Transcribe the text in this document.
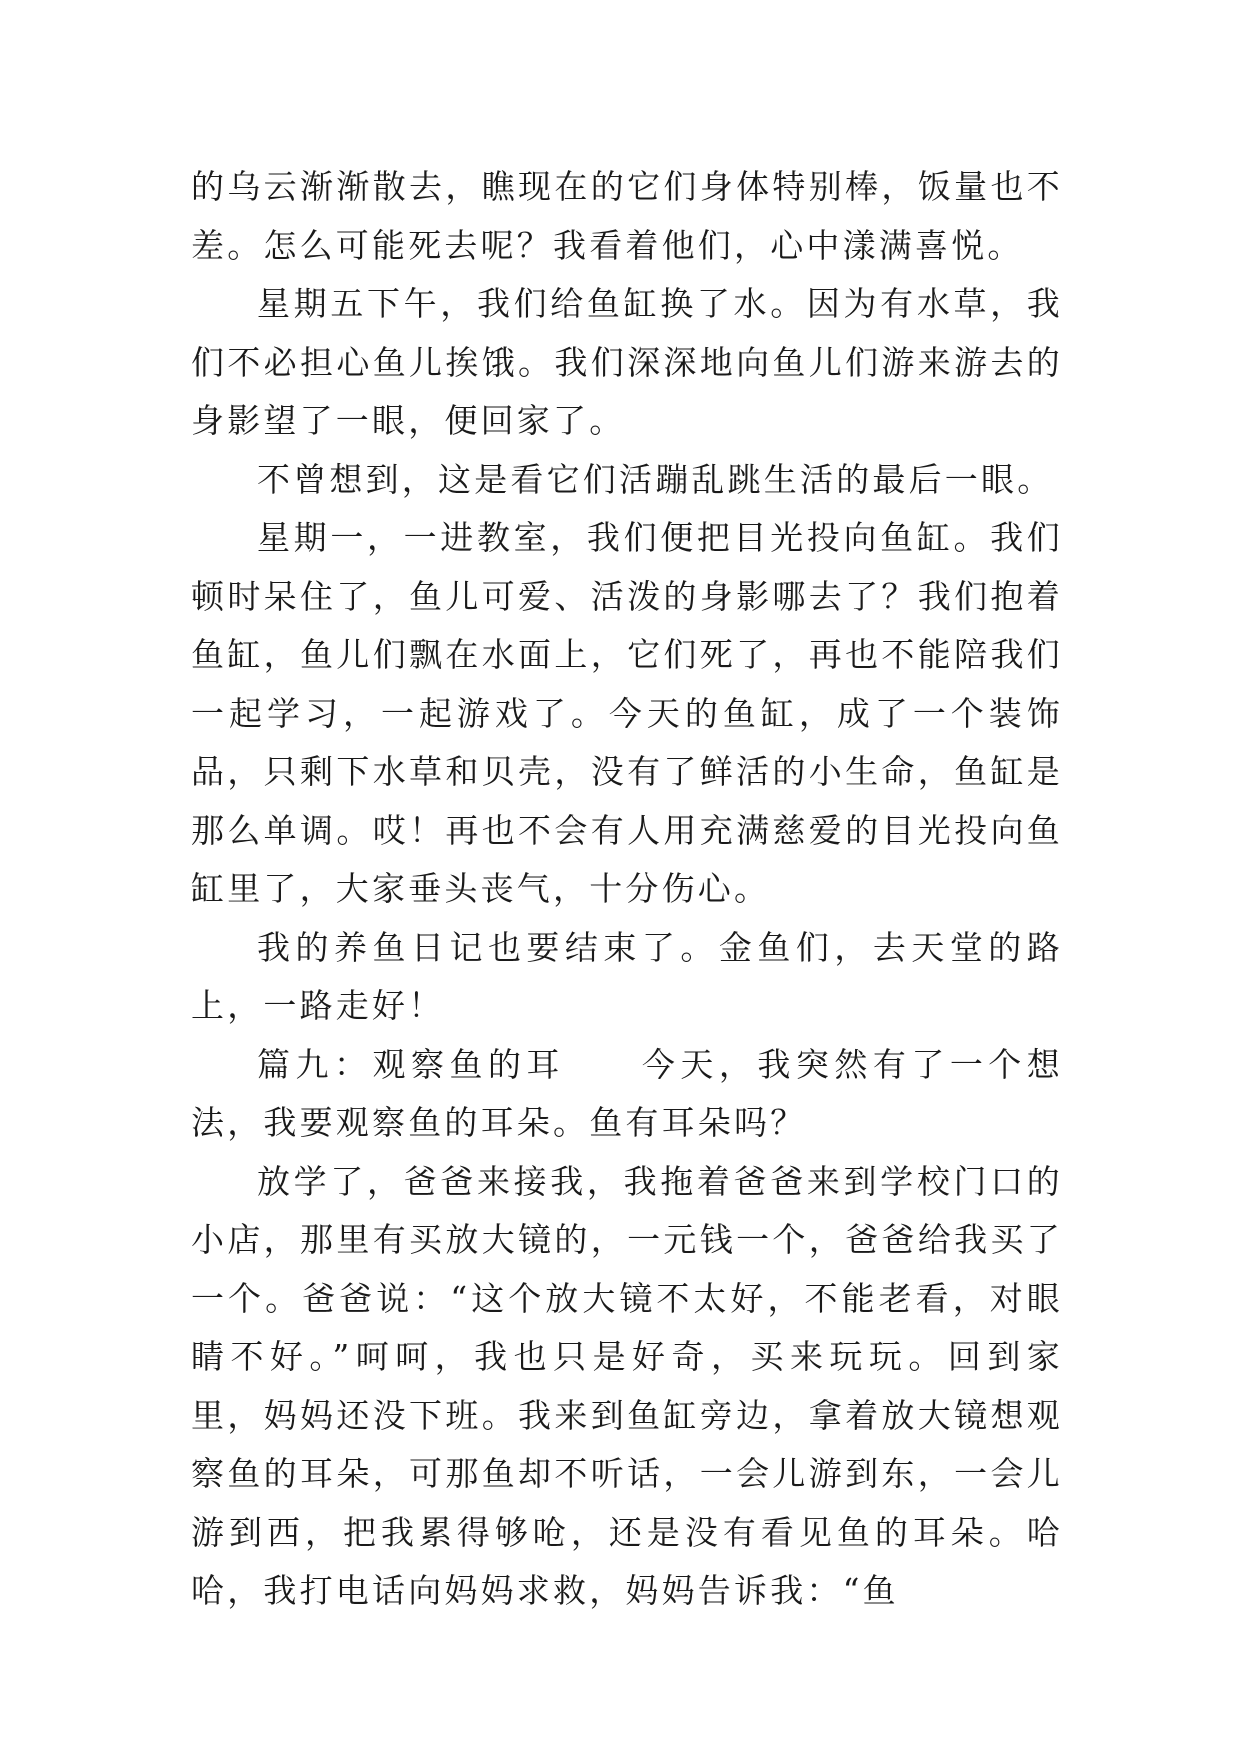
的乌云渐渐散去，瞧现在的它们身体特别棒，饭量也不差。怎么可能死去呢？我看着他们，心中漾满喜悦。

星期五下午，我们给鱼缸换了水。因为有水草，我们不必担心鱼儿挨饿。我们深深地向鱼儿们游来游去的身影望了一眼，便回家了。

不曾想到，这是看它们活蹦乱跳生活的最后一眼。

星期一，一进教室，我们便把目光投向鱼缸。我们顿时呆住了，鱼儿可爱、活泼的身影哪去了？我们抱着鱼缸，鱼儿们飘在水面上，它们死了，再也不能陪我们一起学习，一起游戏了。今天的鱼缸，成了一个装饰品，只剩下水草和贝壳，没有了鲜活的小生命，鱼缸是那么单调。哎！再也不会有人用充满慈爱的目光投向鱼缸里了，大家垂头丧气，十分伤心。

我的养鱼日记也要结束了。金鱼们，去天堂的路上，一路走好！

篇九：观察鱼的耳　　今天，我突然有了一个想法，我要观察鱼的耳朵。鱼有耳朵吗？

放学了，爸爸来接我，我拖着爸爸来到学校门口的小店，那里有买放大镜的，一元钱一个，爸爸给我买了一个。爸爸说：“这个放大镜不太好，不能老看，对眼睛不好。”呵呵，我也只是好奇，买来玩玩。回到家里，妈妈还没下班。我来到鱼缸旁边，拿着放大镜想观察鱼的耳朵，可那鱼却不听话，一会儿游到东，一会儿游到西，把我累得够呛，还是没有看见鱼的耳朵。哈哈，我打电话向妈妈求救，妈妈告诉我：“鱼
